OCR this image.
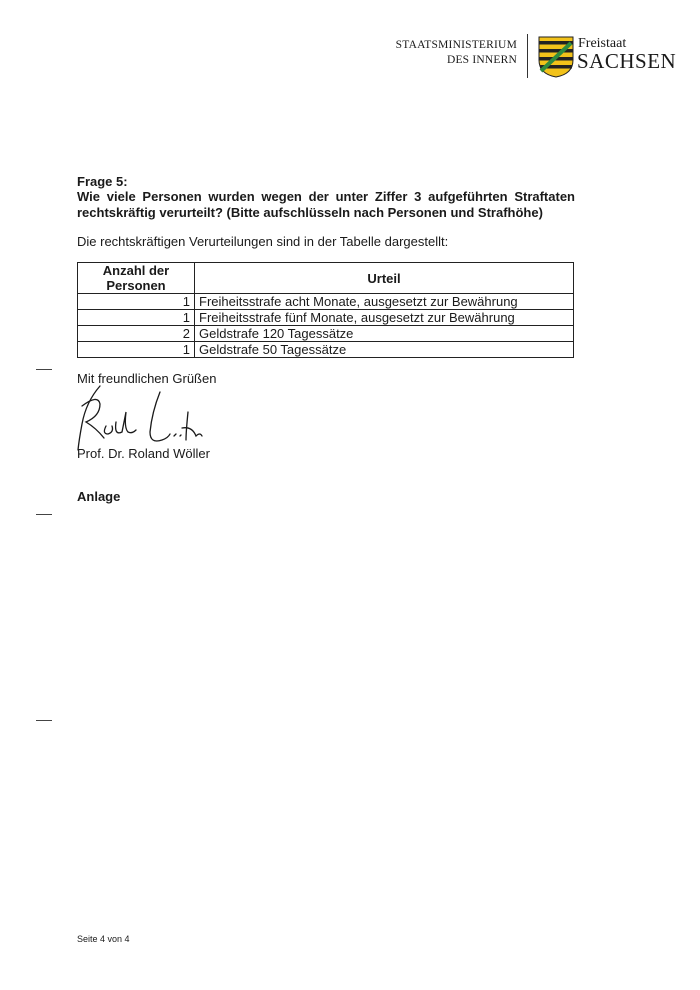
STAATSMINISTERIUM
DES INNERN
Freistaat
SACHSEN
Frage 5:
Wie viele Personen wurden wegen der unter Ziffer 3 aufgeführten Straftaten rechtskräftig verurteilt? (Bitte aufschlüsseln nach Personen und Strafhöhe)
Die rechtskräftigen Verurteilungen sind in der Tabelle dargestellt:
Anzahl der Personen	Urteil
1	Freiheitsstrafe acht Monate, ausgesetzt zur Bewährung
1	Freiheitsstrafe fünf Monate, ausgesetzt zur Bewährung
2	Geldstrafe 120 Tagessätze
1	Geldstrafe 50 Tagessätze
Mit freundlichen Grüßen
Prof. Dr. Roland Wöller
Anlage
Seite 4 von 4
